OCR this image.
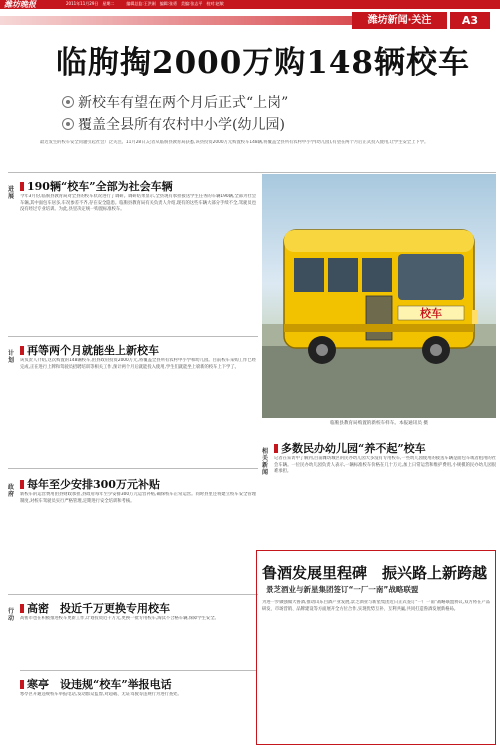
潍坊晚报	2011年11月29日　星期二　　　编辑总监:王洪刚　编辑:张勇　美编:张志平　校对:赵敏
潍坊新闻·关注	A3
临朐掏2000万购148辆校车
新校车有望在两个月后正式“上岗”
覆盖全县所有农村中小学(幼儿园)
最近发生的校车安全问题引起社会广泛关注。11月28日,记者从临朐县教育局获悉,该县投资2000万元购置校车148辆,将覆盖全县所有农村中小学(幼儿园),有望在两个月后正式投入使用,让学生安全上下学。
进展
190辆“校车”全部为社会车辆
今年3月份,临朐县教育局对全县的校车状况进行了调研。调研结果显示,全县现有承担接送学生任务的车辆190辆,全部为社会车辆,其中面包车居多,车况参差不齐,存在安全隐患。临朐县教育局有关负责人介绍,现有的这些车辆大部分手续不全,驾驶员也没有经过专业培训。为此,县里决定统一购置标准校车。
计划
再等两个月就能坐上新校车
该负责人介绍,这次购置的148辆校车,由县政府投资2000万元,将覆盖全县所有农村中小学和幼儿园。目前校车采购工作已经完成,正在进行上牌和驾驶员招聘培训等相关工作,预计两个月后就能投入使用,学生们就能坐上崭新的校车上下学了。
政府
每年至少安排300万元补贴
新校车的运营费用由县财政承担,县政府每年至少安排300万元运营补贴,确保校车正常运营。同时县里还将建立校车安全管理制度,对校车驾驶员实行严格管理,定期进行安全培训和考核。
行动
高密　投近千万更换专用校车
高密市也在积极推进校车更新工作,计划投资近千万元,更换一批专用校车,淘汰不合格车辆,保障学生安全。
寒亭　设违规“校车”举报电话
寒亭区开通违规校车举报电话,发动群众监督,对超载、无证驾驶等违规行为进行查处。
校车
临朐县教育局购置的新校车样车。本报通讯员 摄
相关新闻
多数民办幼儿园“养不起”校车
记者在采访中了解到,目前潍坊城区的民办幼儿园大多没有专用校车,一些幼儿园使用的接送车辆是面包车或者租用的社会车辆。一位民办幼儿园负责人表示,一辆标准校车价格在几十万元,加上日常运营和维护费用,小规模的民办幼儿园很难承担。
鲁酒发展里程碑　振兴路上新跨越
景芝酒业与新星集团签订“一厂一南”战略联盟
为进一步做强做大鲁酒,推动山东白酒产业发展,景芝酒业与新星集团近日正式签订“一厂一南”战略联盟协议,双方将在产品研发、市场营销、品牌建设等方面展开全方位合作,实现优势互补、互利共赢,共同打造鲁酒发展新格局。
